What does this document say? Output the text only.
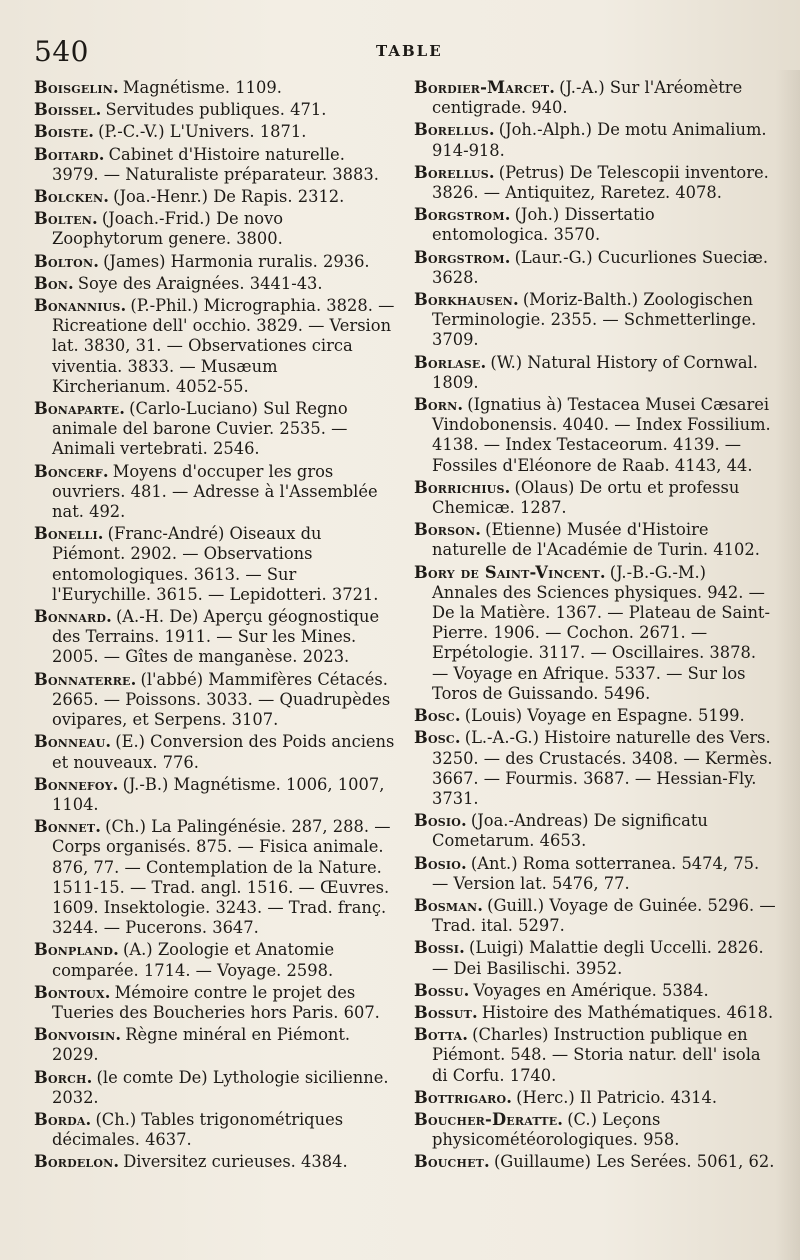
540	TABLE
Boisgelin. Magnétisme. 1109.
Boissel. Servitudes publiques. 471.
Boiste. (P.-C.-V.) L'Univers. 1871.
Boitard. Cabinet d'Histoire naturelle. 3979. — Naturaliste préparateur. 3883.
Bolcken. (Joa.-Henr.) De Rapis. 2312.
Bolten. (Joach.-Frid.) De novo Zoophytorum genere. 3800.
Bolton. (James) Harmonia ruralis. 2936.
Bon. Soye des Araignées. 3441-43.
Bonannius. (P.-Phil.) Micrographia. 3828. — Ricreatione dell' occhio. 3829. — Version lat. 3830, 31. — Observationes circa viventia. 3833. — Musæum Kircherianum. 4052-55.
Bonaparte. (Carlo-Luciano) Sul Regno animale del barone Cuvier. 2535. — Animali vertebrati. 2546.
Boncerf. Moyens d'occuper les gros ouvriers. 481. — Adresse à l'Assemblée nat. 492.
Bonelli. (Franc-André) Oiseaux du Piémont. 2902. — Observations entomologiques. 3613. — Sur l'Eurychille. 3615. — Lepidotteri. 3721.
Bonnard. (A.-H. De) Aperçu géognostique des Terrains. 1911. — Sur les Mines. 2005. — Gîtes de manganèse. 2023.
Bonnaterre. (l'abbé) Mammifères Cétacés. 2665. — Poissons. 3033. — Quadrupèdes ovipares, et Serpens. 3107.
Bonneau. (E.) Conversion des Poids anciens et nouveaux. 776.
Bonnefoy. (J.-B.) Magnétisme. 1006, 1007, 1104.
Bonnet. (Ch.) La Palingénésie. 287, 288. — Corps organisés. 875. — Fisica animale. 876, 77. — Contemplation de la Nature. 1511-15. — Trad. angl. 1516. — Œuvres. 1609. Insektologie. 3243. — Trad. franç. 3244. — Pucerons. 3647.
Bonpland. (A.) Zoologie et Anatomie comparée. 1714. — Voyage. 2598.
Bontoux. Mémoire contre le projet des Tueries des Boucheries hors Paris. 607.
Bonvoisin. Règne minéral en Piémont. 2029.
Borch. (le comte De) Lythologie sicilienne. 2032.
Borda. (Ch.) Tables trigonométriques décimales. 4637.
Bordelon. Diversitez curieuses. 4384.
Bordier-Marcet. (J.-A.) Sur l'Aréomètre centigrade. 940.
Borellus. (Joh.-Alph.) De motu Animalium. 914-918.
Borellus. (Petrus) De Telescopii inventore. 3826. — Antiquitez, Raretez. 4078.
Borgstrom. (Joh.) Dissertatio entomologica. 3570.
Borgstrom. (Laur.-G.) Cucurliones Sueciæ. 3628.
Borkhausen. (Moriz-Balth.) Zoologischen Terminologie. 2355. — Schmetterlinge. 3709.
Borlase. (W.) Natural History of Cornwal. 1809.
Born. (Ignatius à) Testacea Musei Cæsarei Vindobonensis. 4040. — Index Fossilium. 4138. — Index Testaceorum. 4139. — Fossiles d'Eléonore de Raab. 4143, 44.
Borrichius. (Olaus) De ortu et professu Chemicæ. 1287.
Borson. (Etienne) Musée d'Histoire naturelle de l'Académie de Turin. 4102.
Bory de Saint-Vincent. (J.-B.-G.-M.) Annales des Sciences physiques. 942. — De la Matière. 1367. — Plateau de Saint-Pierre. 1906. — Cochon. 2671. — Erpétologie. 3117. — Oscillaires. 3878. — Voyage en Afrique. 5337. — Sur los Toros de Guissando. 5496.
Bosc. (Louis) Voyage en Espagne. 5199.
Bosc. (L.-A.-G.) Histoire naturelle des Vers. 3250. — des Crustacés. 3408. — Kermès. 3667. — Fourmis. 3687. — Hessian-Fly. 3731.
Bosio. (Joa.-Andreas) De significatu Cometarum. 4653.
Bosio. (Ant.) Roma sotterranea. 5474, 75. — Version lat. 5476, 77.
Bosman. (Guill.) Voyage de Guinée. 5296. — Trad. ital. 5297.
Bossi. (Luigi) Malattie degli Uccelli. 2826. — Dei Basilischi. 3952.
Bossu. Voyages en Amérique. 5384.
Bossut. Histoire des Mathématiques. 4618.
Botta. (Charles) Instruction publique en Piémont. 548. — Storia natur. dell' isola di Corfu. 1740.
Bottrigaro. (Herc.) Il Patricio. 4314.
Boucher-Deratte. (C.) Leçons physicométéorologiques. 958.
Bouchet. (Guillaume) Les Serées. 5061, 62.
